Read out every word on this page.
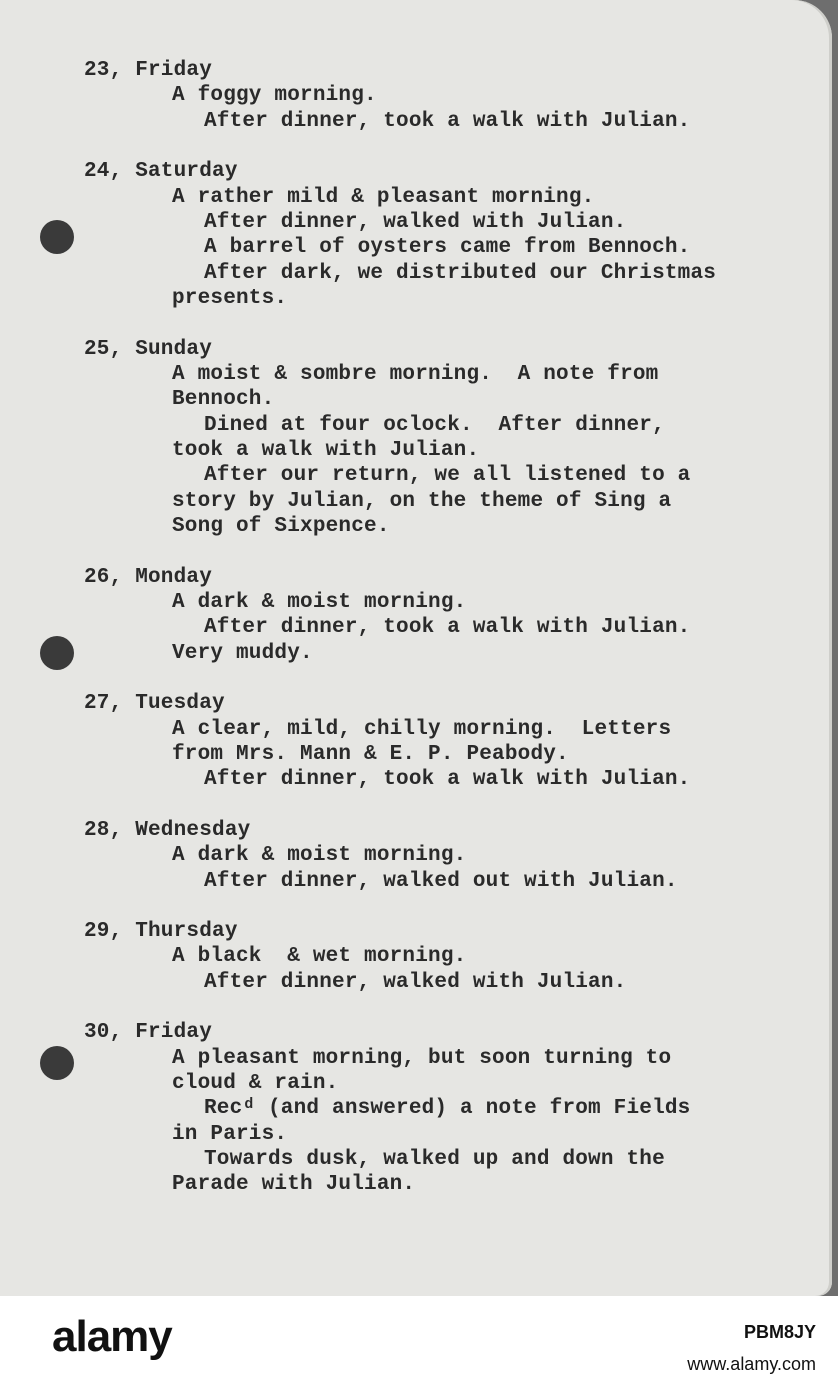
23, Friday
A foggy morning.
After dinner, took a walk with Julian.
24, Saturday
A rather mild & pleasant morning.
After dinner, walked with Julian.
A barrel of oysters came from Bennoch.
After dark, we distributed our Christmas
presents.
25, Sunday
A moist & sombre morning.  A note from
Bennoch.
Dined at four oclock.  After dinner,
took a walk with Julian.
After our return, we all listened to a
story by Julian, on the theme of Sing a
Song of Sixpence.
26, Monday
A dark & moist morning.
After dinner, took a walk with Julian.
Very muddy.
27, Tuesday
A clear, mild, chilly morning.  Letters
from Mrs. Mann & E. P. Peabody.
After dinner, took a walk with Julian.
28, Wednesday
A dark & moist morning.
After dinner, walked out with Julian.
29, Thursday
A black  & wet morning.
After dinner, walked with Julian.
30, Friday
A pleasant morning, but soon turning to
cloud & rain.
Recᵈ (and answered) a note from Fields
in Paris.
Towards dusk, walked up and down the
Parade with Julian.
alamy	PBM8JY
www.alamy.com
